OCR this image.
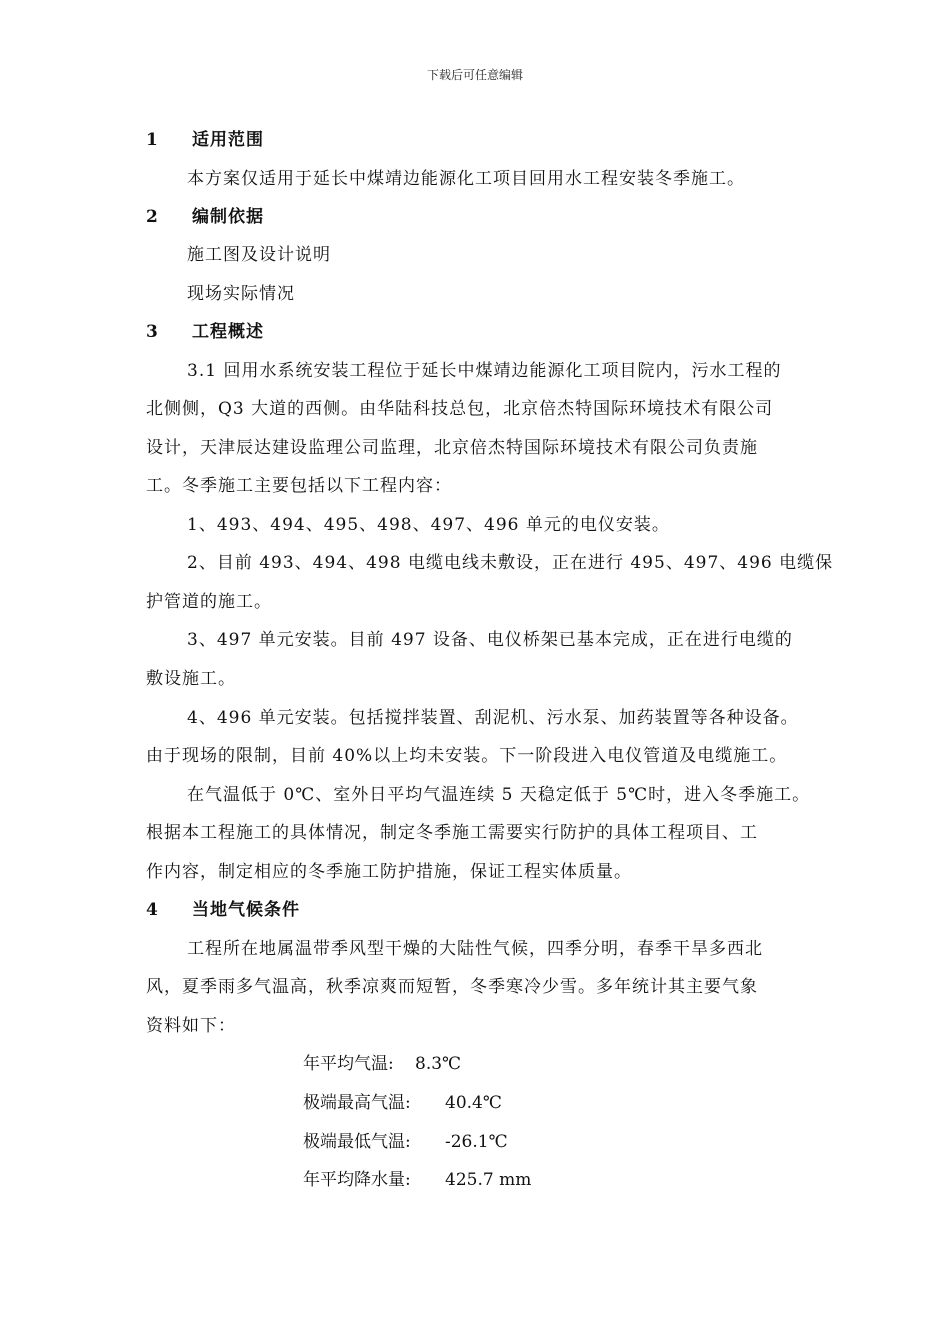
下载后可任意编辑
1 适用范围
本方案仅适用于延长中煤靖边能源化工项目回用水工程安装冬季施工。
2 编制依据
施工图及设计说明
现场实际情况
3 工程概述
3.1 回用水系统安装工程位于延长中煤靖边能源化工项目院内，污水工程的
北侧侧，Q3 大道的西侧。由华陆科技总包，北京倍杰特国际环境技术有限公司
设计，天津辰达建设监理公司监理，北京倍杰特国际环境技术有限公司负责施
工。冬季施工主要包括以下工程内容：
1、493、494、495、498、497、496 单元的电仪安装。
2、目前 493、494、498 电缆电线未敷设，正在进行 495、497、496 电缆保
护管道的施工。
3、497 单元安装。目前 497 设备、电仪桥架已基本完成，正在进行电缆的
敷设施工。
4、496 单元安装。包括搅拌装置、刮泥机、污水泵、加药装置等各种设备。
由于现场的限制，目前 40%以上均未安装。下一阶段进入电仪管道及电缆施工。
在气温低于 0℃、室外日平均气温连续 5 天稳定低于 5℃时，进入冬季施工。
根据本工程施工的具体情况，制定冬季施工需要实行防护的具体工程项目、工
作内容，制定相应的冬季施工防护措施，保证工程实体质量。
4 当地气候条件
工程所在地属温带季风型干燥的大陆性气候，四季分明，春季干旱多西北
风，夏季雨多气温高，秋季凉爽而短暂，冬季寒冷少雪。多年统计其主要气象
资料如下：
年平均气温: 8.3℃
极端最高气温: 40.4℃
极端最低气温: -26.1℃
年平均降水量: 425.7 mm
